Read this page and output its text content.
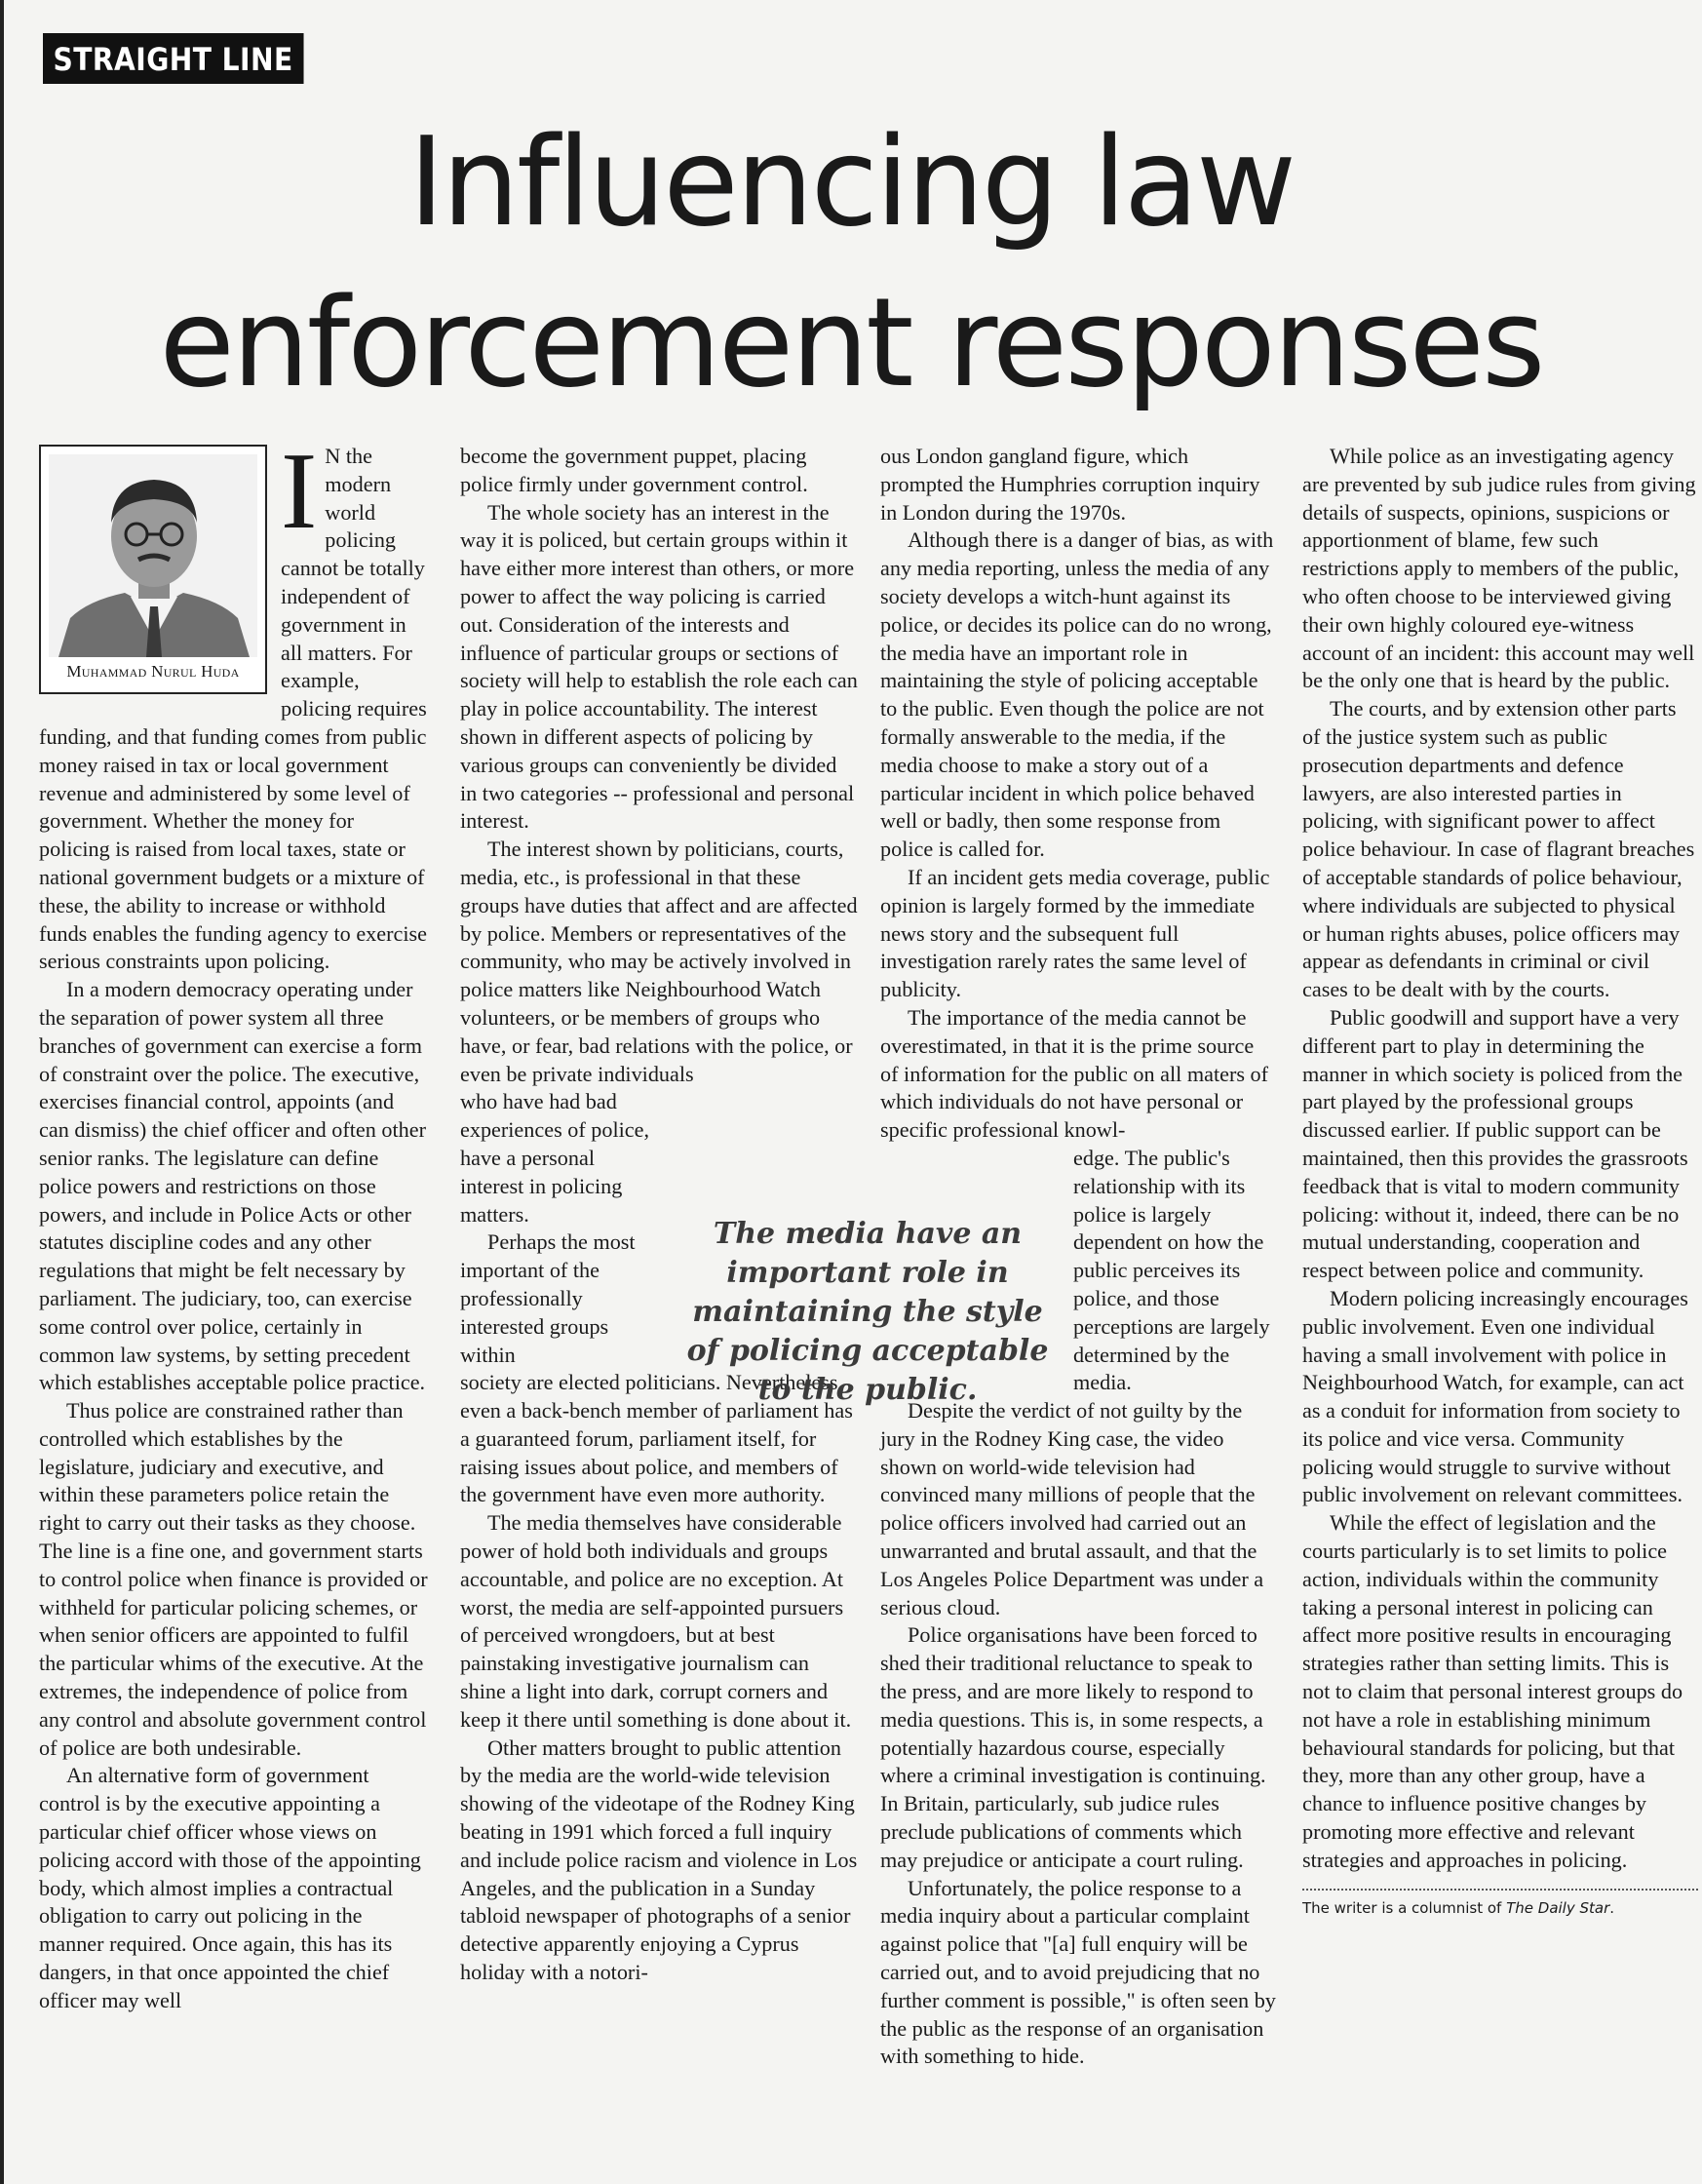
STRAIGHT LINE
Influencing law
enforcement responses
Muhammad Nurul Huda
I N the modern world policing cannot be totally independent of government in all matters. For example, policing requires funding, and that funding comes from public money raised in tax or local government revenue and administered by some level of government. Whether the money for policing is raised from local taxes, state or national government budgets or a mixture of these, the ability to increase or withhold funds enables the funding agency to exercise serious constraints upon policing.

In a modern democracy operating under the separation of power system all three branches of government can exercise a form of constraint over the police. The executive, exercises financial control, appoints (and can dismiss) the chief officer and often other senior ranks. The legislature can define police powers and restrictions on those powers, and include in Police Acts or other statutes discipline codes and any other regulations that might be felt necessary by parliament. The judiciary, too, can exercise some control over police, certainly in common law systems, by setting precedent which establishes acceptable police practice.

Thus police are constrained rather than controlled which establishes by the legislature, judiciary and executive, and within these parameters police retain the right to carry out their tasks as they choose. The line is a fine one, and government starts to control police when finance is provided or withheld for particular policing schemes, or when senior officers are appointed to fulfil the particular whims of the executive. At the extremes, the independence of police from any control and absolute government control of police are both undesirable.

An alternative form of government control is by the executive appointing a particular chief officer whose views on policing accord with those of the appointing body, which almost implies a contractual obligation to carry out policing in the manner required. Once again, this has its dangers, in that once appointed the chief officer may well

become the government puppet, placing police firmly under government control.

The whole society has an interest in the way it is policed, but certain groups within it have either more interest than others, or more power to affect the way policing is carried out. Consideration of the interests and influence of particular groups or sections of society will help to establish the role each can play in police accountability. The interest shown in different aspects of policing by various groups can conveniently be divided in two categories -- professional and personal interest.

The interest shown by politicians, courts, media, etc., is professional in that these groups have duties that affect and are affected by police. Members or representatives of the community, who may be actively involved in police matters like Neighbourhood Watch volunteers, or be members of groups who have, or fear, bad relations with the police, or even be private individuals

who have had bad experiences of police, have a personal interest in policing matters.

Perhaps the most important of the professionally interested groups within

society are elected politicians. Nevertheless, even a back-bench member of parliament has a guaranteed forum, parliament itself, for raising issues about police, and members of the government have even more authority.

The media themselves have considerable power of hold both individuals and groups accountable, and police are no exception. At worst, the media are self-appointed pursuers of perceived wrongdoers, but at best painstaking investigative journalism can shine a light into dark, corrupt corners and keep it there until something is done about it.

Other matters brought to public attention by the media are the world-wide television showing of the videotape of the Rodney King beating in 1991 which forced a full inquiry and include police racism and violence in Los Angeles, and the publication in a Sunday tabloid newspaper of photographs of a senior detective apparently enjoying a Cyprus holiday with a notori-

The media have an important role in maintaining the style of policing acceptable to the public.

ous London gangland figure, which prompted the Humphries corruption inquiry in London during the 1970s.

Although there is a danger of bias, as with any media reporting, unless the media of any society develops a witch-hunt against its police, or decides its police can do no wrong, the media have an important role in maintaining the style of policing acceptable to the public. Even though the police are not formally answerable to the media, if the media choose to make a story out of a particular incident in which police behaved well or badly, then some response from police is called for.

If an incident gets media coverage, public opinion is largely formed by the immediate news story and the subsequent full investigation rarely rates the same level of publicity.

The importance of the media cannot be overestimated, in that it is the prime source of information for the public on all maters of which individuals do not have personal or specific professional knowl-

edge. The public's relationship with its police is largely dependent on how the public perceives its police, and those perceptions are largely determined by the media.

Despite the verdict of not guilty by the jury in the Rodney King case, the video shown on world-wide television had convinced many millions of people that the police officers involved had carried out an unwarranted and brutal assault, and that the Los Angeles Police Department was under a serious cloud.

Police organisations have been forced to shed their traditional reluctance to speak to the press, and are more likely to respond to media questions. This is, in some respects, a potentially hazardous course, especially where a criminal investigation is continuing. In Britain, particularly, sub judice rules preclude publications of comments which may prejudice or anticipate a court ruling.

Unfortunately, the police response to a media inquiry about a particular complaint against police that "[a] full enquiry will be carried out, and to avoid prejudicing that no further comment is possible," is often seen by the public as the response of an organisation with something to hide.

While police as an investigating agency are prevented by sub judice rules from giving details of suspects, opinions, suspicions or apportionment of blame, few such restrictions apply to members of the public, who often choose to be interviewed giving their own highly coloured eye-witness account of an incident: this account may well be the only one that is heard by the public.

The courts, and by extension other parts of the justice system such as public prosecution departments and defence lawyers, are also interested parties in policing, with significant power to affect police behaviour. In case of flagrant breaches of acceptable standards of police behaviour, where individuals are subjected to physical or human rights abuses, police officers may appear as defendants in criminal or civil cases to be dealt with by the courts.

Public goodwill and support have a very different part to play in determining the manner in which society is policed from the part played by the professional groups discussed earlier. If public support can be maintained, then this provides the grassroots feedback that is vital to modern community policing: without it, indeed, there can be no mutual understanding, cooperation and respect between police and community.

Modern policing increasingly encourages public involvement. Even one individual having a small involvement with police in Neighbourhood Watch, for example, can act as a conduit for information from society to its police and vice versa. Community policing would struggle to survive without public involvement on relevant committees.

While the effect of legislation and the courts particularly is to set limits to police action, individuals within the community taking a personal interest in policing can affect more positive results in encouraging strategies rather than setting limits. This is not to claim that personal interest groups do not have a role in establishing minimum behavioural standards for policing, but that they, more than any other group, have a chance to influence positive changes by promoting more effective and relevant strategies and approaches in policing.

The writer is a columnist of The Daily Star.
